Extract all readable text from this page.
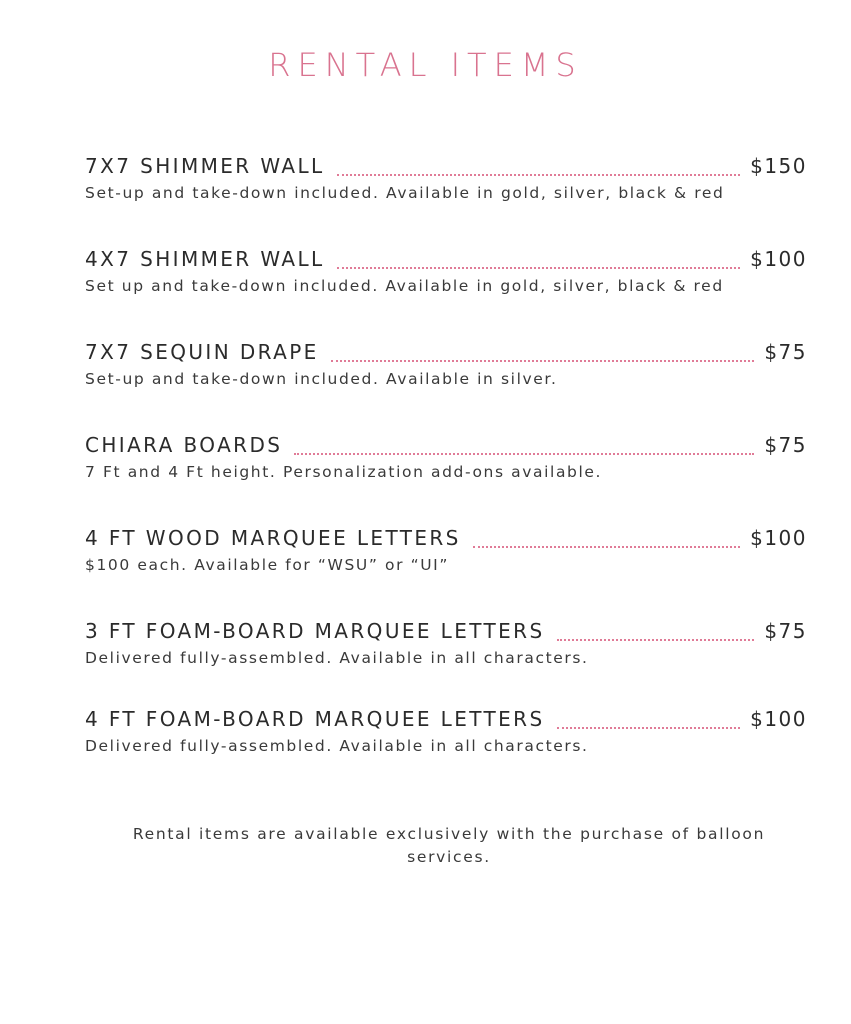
RENTAL ITEMS
7X7 SHIMMER WALL	$150
Set-up and take-down included. Available in gold, silver, black & red
4X7 SHIMMER WALL	$100
Set up and take-down included. Available in gold, silver, black & red
7X7 SEQUIN DRAPE	$75
Set-up and take-down included. Available in silver.
CHIARA BOARDS	$75
7 Ft and 4 Ft height. Personalization add-ons available.
4 FT WOOD MARQUEE LETTERS	$100
$100 each. Available for “WSU” or “UI”
3 FT FOAM-BOARD MARQUEE LETTERS	$75
Delivered fully-assembled. Available in all characters.
4 FT FOAM-BOARD MARQUEE LETTERS	$100
Delivered fully-assembled. Available in all characters.
Rental items are available exclusively with the purchase of balloon services.
